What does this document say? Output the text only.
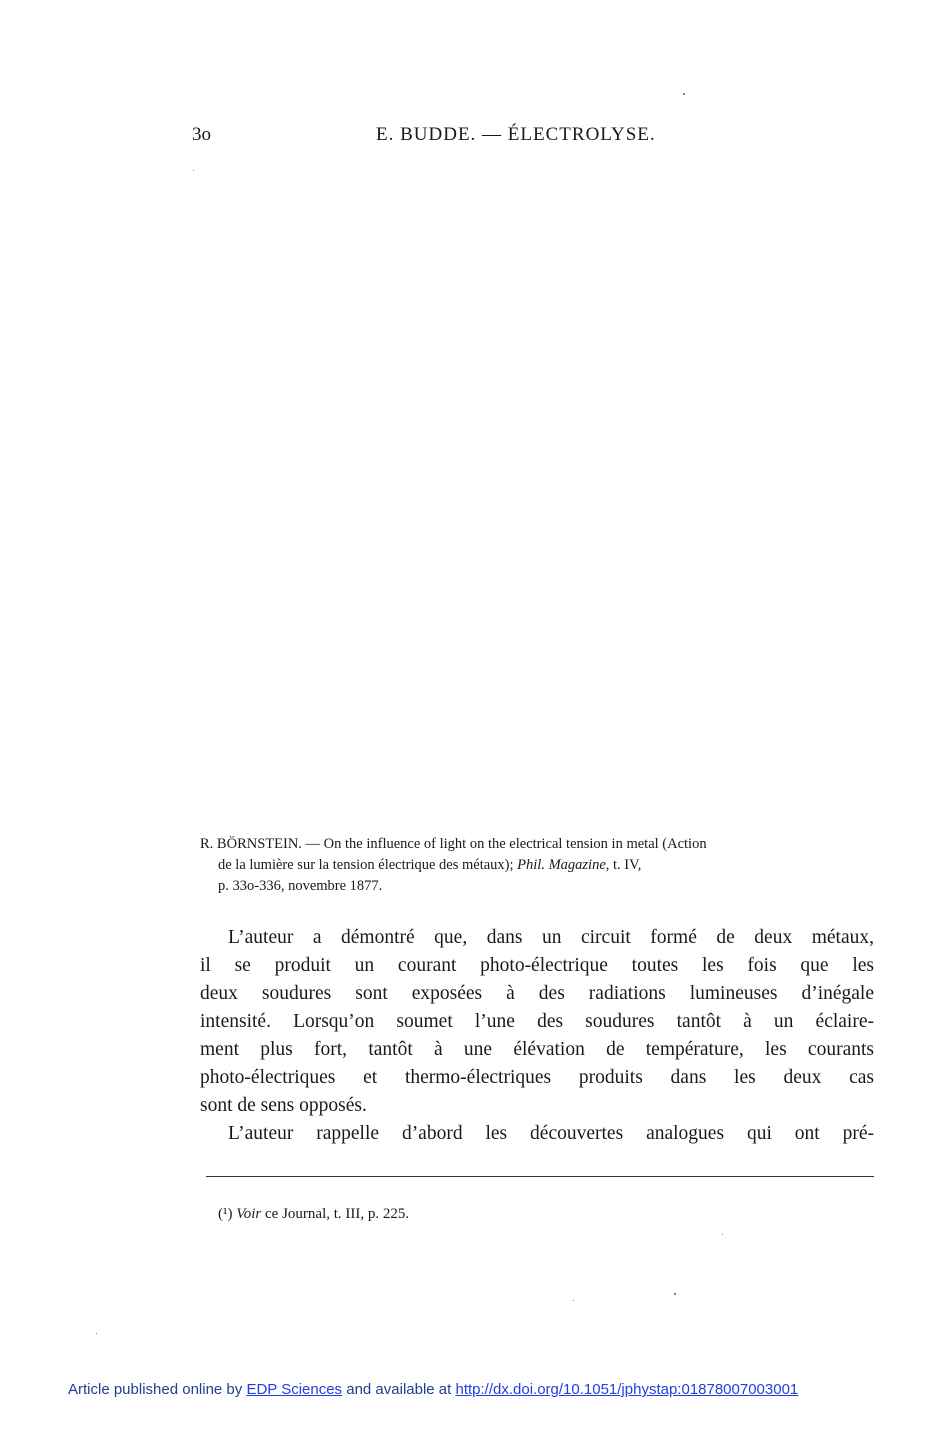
3o	E. BUDDE. — ÉLECTROLYSE.
R. BÖRNSTEIN. — On the influence of light on the electrical tension in metal (Action
de la lumière sur la tension électrique des métaux); Phil. Magazine, t. IV,
p. 33o-336, novembre 1877.
L’auteur a démontré que, dans un circuit formé de deux métaux,
il se produit un courant photo-électrique toutes les fois que les
deux soudures sont exposées à des radiations lumineuses d’inégale
intensité. Lorsqu’on soumet l’une des soudures tantôt à un éclaire-
ment plus fort, tantôt à une élévation de température, les courants
photo-électriques et thermo-électriques produits dans les deux cas
sont de sens opposés.
L’auteur rappelle d’abord les découvertes analogues qui ont pré-
(¹) Voir ce Journal, t. III, p. 225.
Article published online by EDP Sciences and available at http://dx.doi.org/10.1051/jphystap:01878007003001
